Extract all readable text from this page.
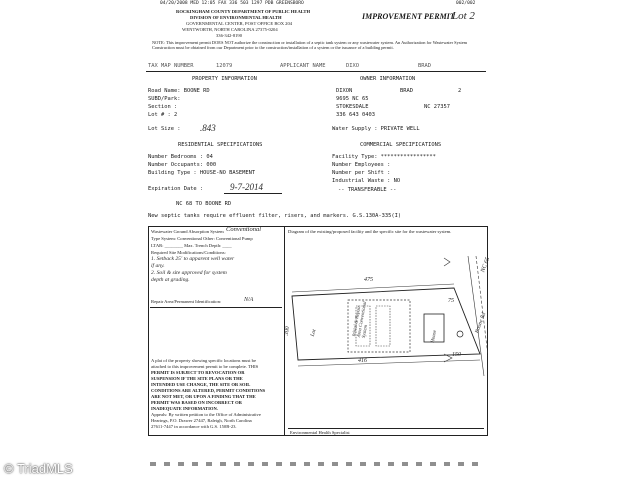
04/20/2008 MED 12:05 FAX 336 503 1297 PDB GREENSBORO	002/002
ROCKINGHAM COUNTY DEPARTMENT OF PUBLIC HEALTH
DIVISION OF ENVIRONMENTAL HEALTH
GOVERNMENTAL CENTER, POST OFFICE BOX 204
WENTWORTH, NORTH CAROLINA 27375-0204
336-342-8190
IMPROVEMENT PERMIT
Lot 2
NOTE: This improvement permit DOES NOT authorize the construction or installation of a septic tank system or any wastewater system. An Authorization for Wastewater System Construction must be obtained from our Department prior to the construction/installation of a system or the issuance of a building permit.
TAX MAP NUMBER	12079	APPLICANT NAME	DIXO	BRAD
PROPERTY INFORMATION
Road Name: BOONE RD
SUBD/Park:
Section :
Lot # : 2
Lot Size : .843
OWNER INFORMATION
DIXON	BRAD	2
9695 NC 65
STOKESDALE	NC 27357
336 643 0403
Water Supply : PRIVATE WELL
RESIDENTIAL SPECIFICATIONS
Number Bedrooms : 04
Number Occupants: 000
Building Type : HOUSE-NO BASEMENT
Expiration Date :	9-7-2014
COMMERCIAL SPECIFICATIONS
Facility Type: *****************
Number Employees :
Number per Shift :
Industrial Waste : NO
-- TRANSFERABLE --
NC 68 TO BOONE RD
New septic tanks require effluent filter, risers, and markers. G.S.130A-335(I)
Wastewater Ground Absorption System Conventional
Type System: Conventional Other: Conventional Pump
LTAR: ________ Max. Trench Depth: ____
Required Site Modifications/Conditions:
1. Setback 25' to apparent well water
if any.
2. Soil & site approved for system
depth at grading.
Repair Area/Permanent Identification:	N/A
A plat of the property showing specific locations must be
attached to this improvement permit to be complete. THIS
PERMIT IS SUBJECT TO REVOCATION OR
SUSPENSION IF THE SITE PLANS OR THE
INTENDED USE CHANGE, THE SITE OR SOIL
CONDITIONS ARE ALTERED, PERMIT CONDITIONS
ARE NOT MET, OR UPON A FINDING THAT THE
PERMIT WAS BASED ON INCORRECT OR
INADEQUATE INFORMATION.
Appeals: By written petition to the Office of Administrative
Hearings, P.O. Drawer 27447, Raleigh, North Carolina
27611-7447 in accordance with G.S. 150B-23.
Diagram of the existing/proposed facility and the specific site for the wastewater system.
NC 65
Boone Rd
475
300
416
150
75
Lot	Initial & Repair Area Conventional System	House
Environmental Health Specialist
© TriadMLS
